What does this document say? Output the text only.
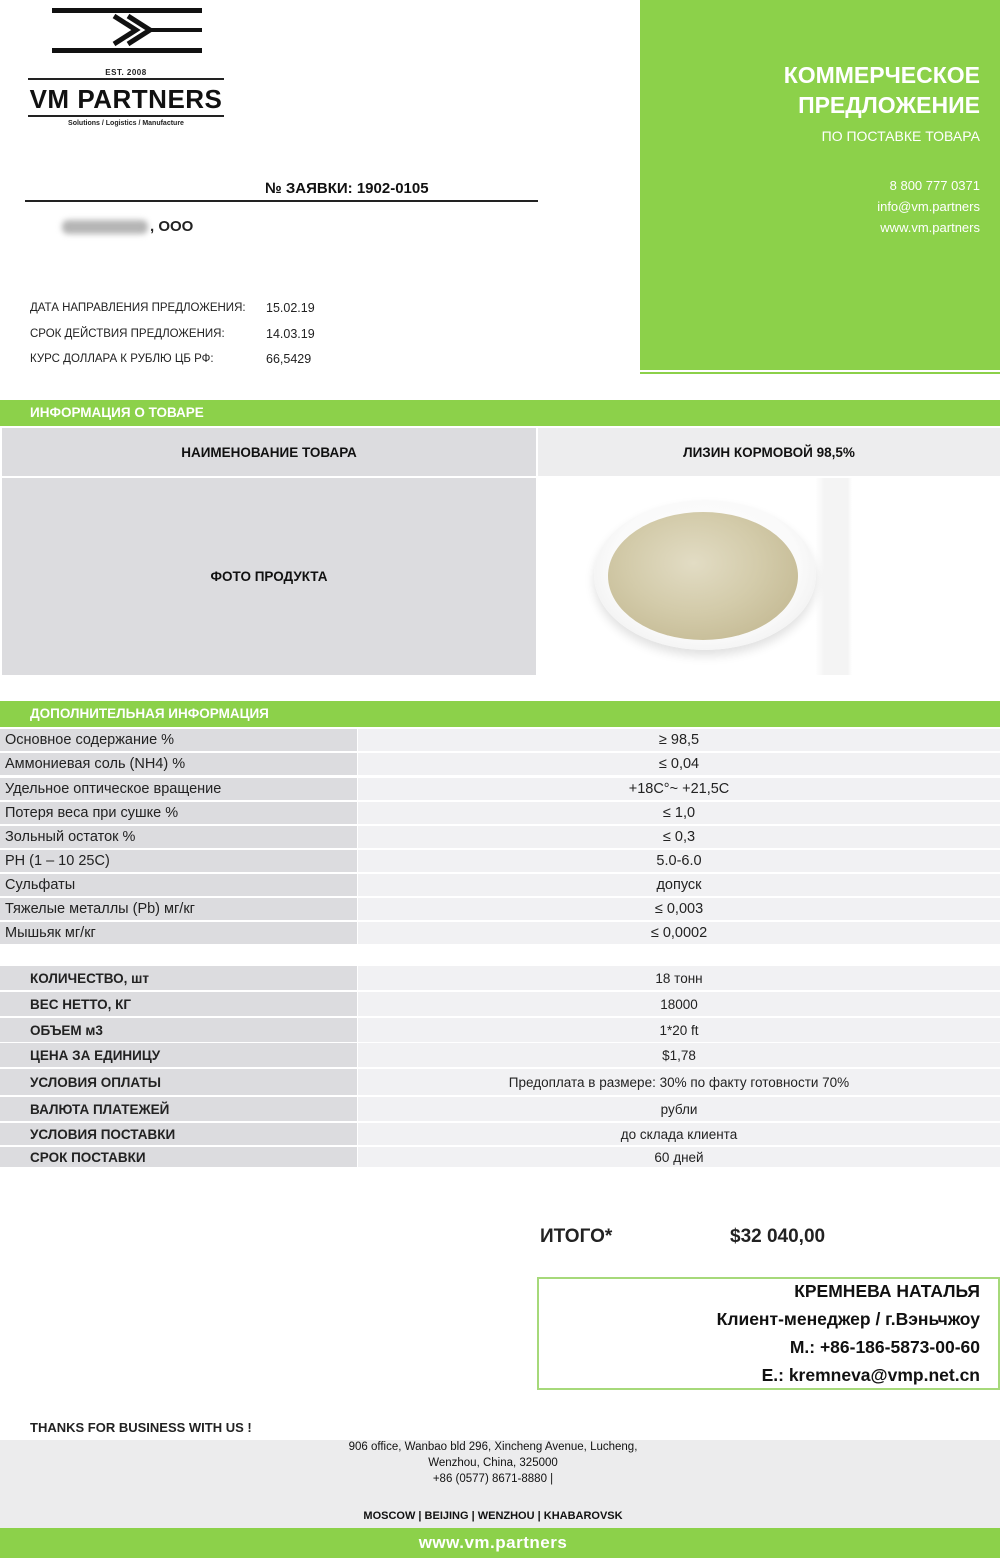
EST. 2008
VM PARTNERS
Solutions / Logistics / Manufacture
КОММЕРЧЕСКОЕ
ПРЕДЛОЖЕНИЕ
ПО ПОСТАВКЕ ТОВАРА
8 800 777 0371
info@vm.partners
www.vm.partners
№ ЗАЯВКИ: 1902-0105
, ООО
ДАТА НАПРАВЛЕНИЯ ПРЕДЛОЖЕНИЯ: 15.02.19
СРОК ДЕЙСТВИЯ ПРЕДЛОЖЕНИЯ:	14.03.19
КУРС ДОЛЛАРА К РУБЛЮ ЦБ РФ:	66,5429
ИНФОРМАЦИЯ О ТОВАРЕ
НАИМЕНОВАНИЕ ТОВАРА	ЛИЗИН КОРМОВОЙ 98,5%
ФОТО ПРОДУКТА
ДОПОЛНИТЕЛЬНАЯ ИНФОРМАЦИЯ
Основное содержание %	≥ 98,5
Аммониевая соль (NH4) %	≤ 0,04
Удельное оптическое вращение	+18С°~ +21,5С
Потеря веса при сушке %	≤ 1,0
Зольный остаток %	≤ 0,3
PH (1 – 10 25С)	5.0-6.0
Сульфаты	допуск
Тяжелые металлы (Pb) мг/кг	≤ 0,003
Мышьяк мг/кг	≤ 0,0002
КОЛИЧЕСТВО, шт	18 тонн
ВЕС НЕТТО, КГ	18000
ОБЪЕМ м3	1*20 ft
ЦЕНА ЗА ЕДИНИЦУ	$1,78
УСЛОВИЯ ОПЛАТЫ	Предоплата в размере: 30% по факту готовности 70%
ВАЛЮТА ПЛАТЕЖЕЙ	рубли
УСЛОВИЯ ПОСТАВКИ	до склада клиента
СРОК ПОСТАВКИ	60 дней
ИТОГО*	$32 040,00
КРЕМНЕВА НАТАЛЬЯ
Клиент-менеджер / г.Вэньчжоу
М.: +86-186-5873-00-60
Е.: kremneva@vmp.net.cn
THANKS FOR BUSINESS WITH US !
906 office, Wanbao bld 296, Xincheng Avenue, Lucheng,
Wenzhou, China, 325000
+86 (0577) 8671-8880 |
MOSCOW | BEIJING | WENZHOU | KHABAROVSK
www.vm.partners
